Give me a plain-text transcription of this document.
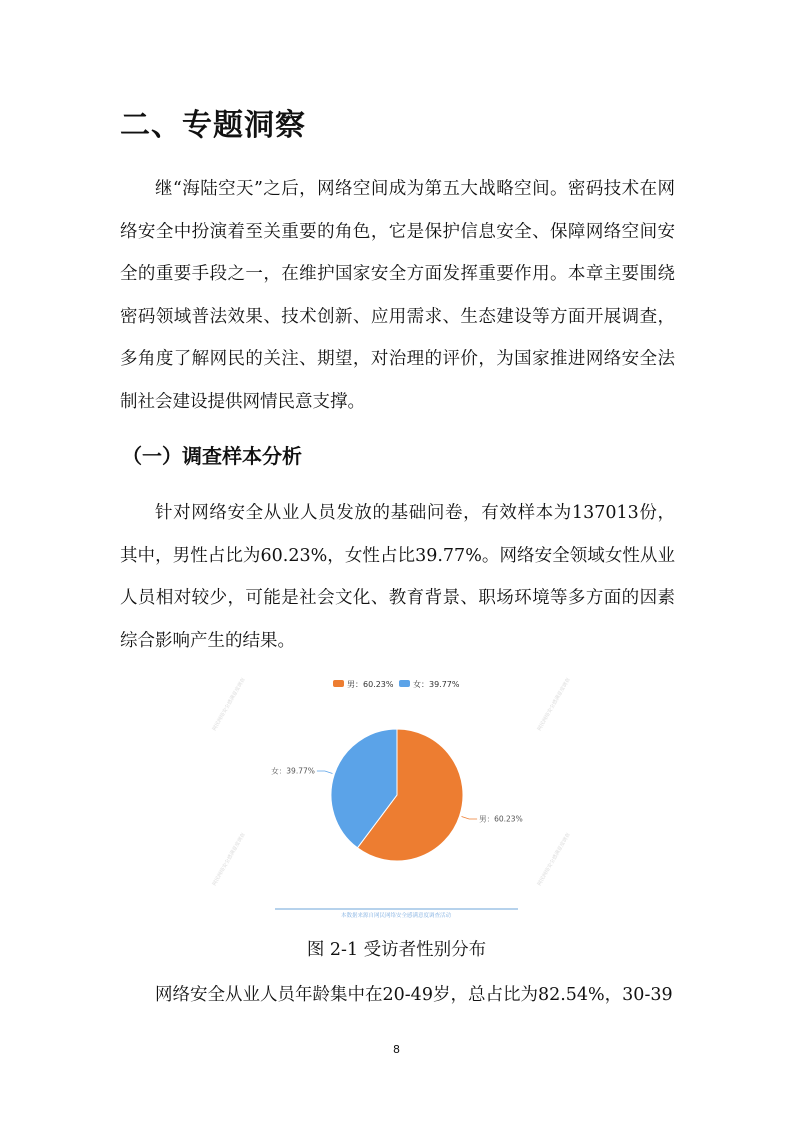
二、专题洞察

继“海陆空天”之后，网络空间成为第五大战略空间。密码技术在网络安全中扮演着至关重要的角色，它是保护信息安全、保障网络空间安全的重要手段之一，在维护国家安全方面发挥重要作用。本章主要围绕密码领域普法效果、技术创新、应用需求、生态建设等方面开展调查，多角度了解网民的关注、期望，对治理的评价，为国家推进网络安全法制社会建设提供网情民意支撑。

（一）调查样本分析

针对网络安全从业人员发放的基础问卷，有效样本为137013份，其中，男性占比为60.23%，女性占比39.77%。网络安全领域女性从业人员相对较少，可能是社会文化、教育背景、职场环境等多方面的因素综合影响产生的结果。

网民网络安全感满意度调查
网民网络安全感满意度调查
网民网络安全感满意度调查
网民网络安全感满意度调查
男：60.23% 女：39.77%
男：60.23%
女：39.77%
本数据来源自网民网络安全感满意度调查活动
图 2-1 受访者性别分布

网络安全从业人员年龄集中在20-49岁，总占比为82.54%，30-39

8
